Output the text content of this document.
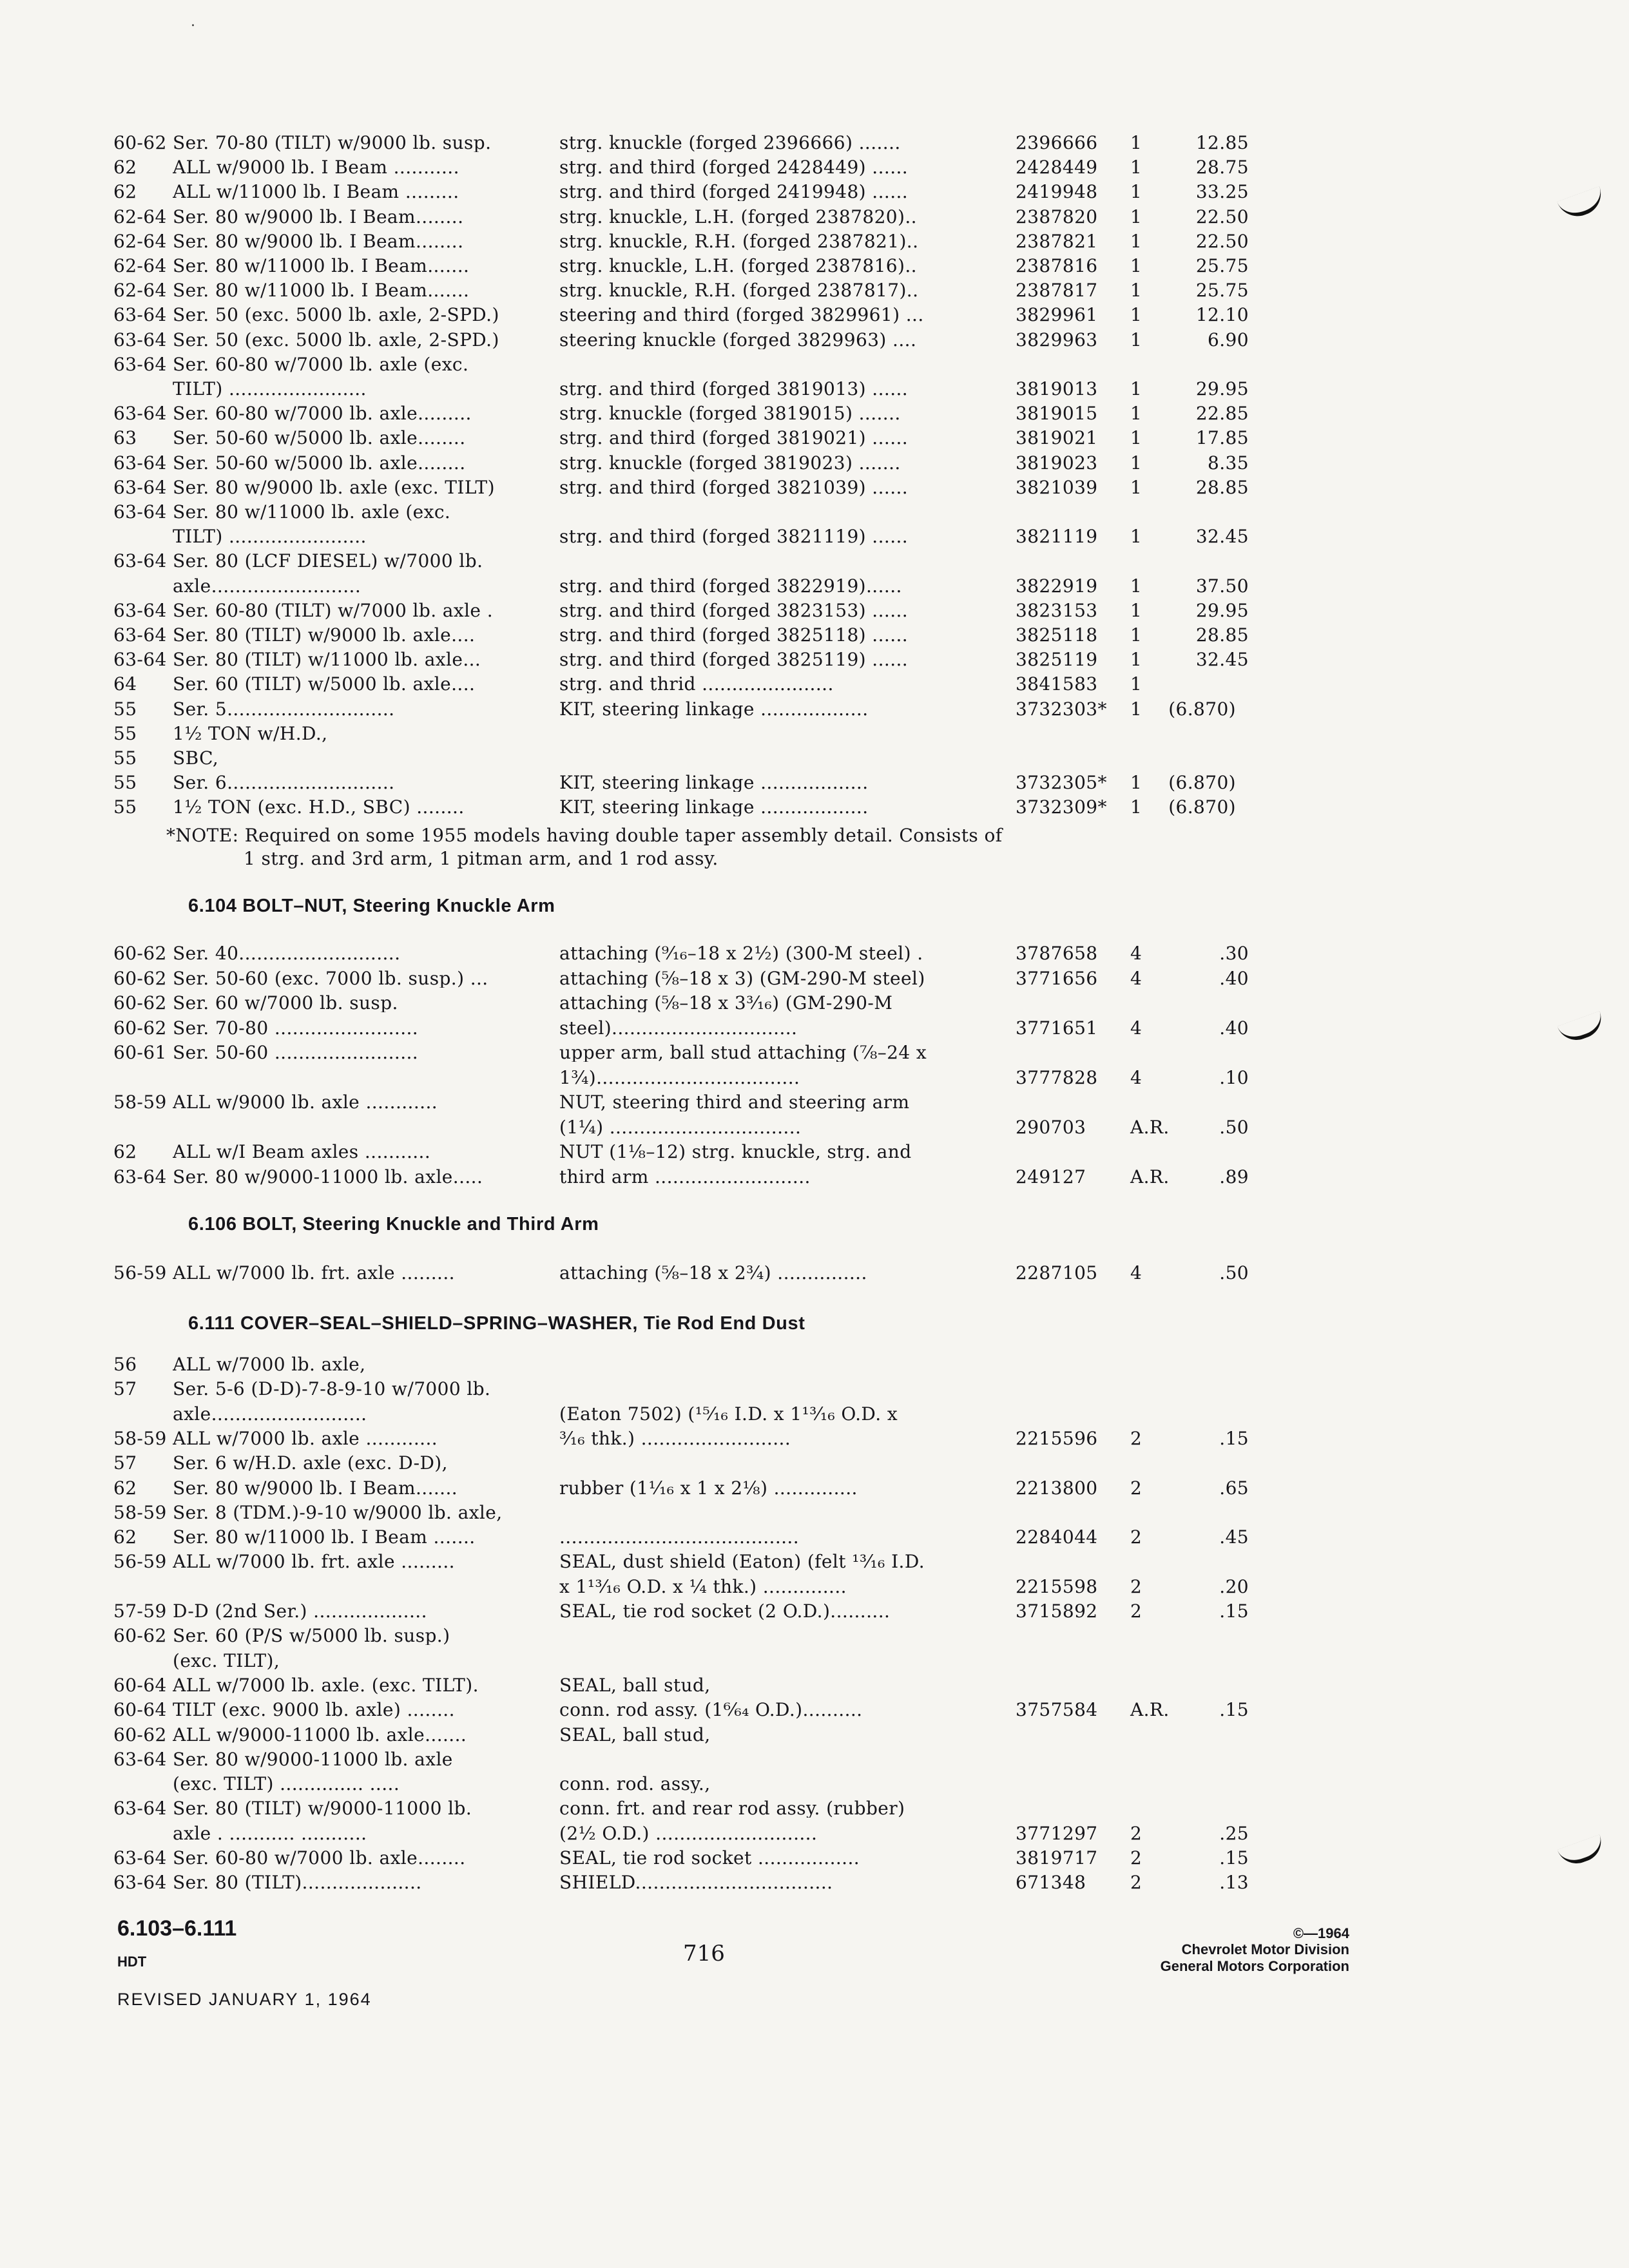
·
60-62 Ser. 70-80 (TILT) w/9000 lb. susp.	strg. knuckle (forged 2396666) .......	2396666 1	12.85
62 ALL w/9000 lb. I Beam ...........	strg. and third (forged 2428449) ......	2428449 1	28.75
62 ALL w/11000 lb. I Beam .........	strg. and third (forged 2419948) ......	2419948 1	33.25
62-64 Ser. 80 w/9000 lb. I Beam........	strg. knuckle, L.H. (forged 2387820)..	2387820 1	22.50
62-64 Ser. 80 w/9000 lb. I Beam........	strg. knuckle, R.H. (forged 2387821)..	2387821 1	22.50
62-64 Ser. 80 w/11000 lb. I Beam.......	strg. knuckle, L.H. (forged 2387816)..	2387816 1	25.75
62-64 Ser. 80 w/11000 lb. I Beam.......	strg. knuckle, R.H. (forged 2387817)..	2387817 1	25.75
63-64 Ser. 50 (exc. 5000 lb. axle, 2-SPD.)	steering and third (forged 3829961) ...	3829961 1	12.10
63-64 Ser. 50 (exc. 5000 lb. axle, 2-SPD.)	steering knuckle (forged 3829963) ....	3829963 1	6.90
63-64 Ser. 60-80 w/7000 lb. axle (exc.
TILT) .......................	strg. and third (forged 3819013) ......	3819013 1	29.95
63-64 Ser. 60-80 w/7000 lb. axle.........	strg. knuckle (forged 3819015) .......	3819015 1	22.85
63 Ser. 50-60 w/5000 lb. axle........	strg. and third (forged 3819021) ......	3819021 1	17.85
63-64 Ser. 50-60 w/5000 lb. axle........	strg. knuckle (forged 3819023) .......	3819023 1	8.35
63-64 Ser. 80 w/9000 lb. axle (exc. TILT)	strg. and third (forged 3821039) ......	3821039 1	28.85
63-64 Ser. 80 w/11000 lb. axle (exc.
TILT) .......................	strg. and third (forged 3821119) ......	3821119 1	32.45
63-64 Ser. 80 (LCF DIESEL) w/7000 lb.
axle.........................	strg. and third (forged 3822919)......	3822919 1	37.50
63-64 Ser. 60-80 (TILT) w/7000 lb. axle .	strg. and third (forged 3823153) ......	3823153 1	29.95
63-64 Ser. 80 (TILT) w/9000 lb. axle....	strg. and third (forged 3825118) ......	3825118 1	28.85
63-64 Ser. 80 (TILT) w/11000 lb. axle...	strg. and third (forged 3825119) ......	3825119 1	32.45
64 Ser. 60 (TILT) w/5000 lb. axle....	strg. and thrid ......................	3841583 1
55 Ser. 5............................	KIT, steering linkage ..................	3732303* 1 (6.870)
55 1½ TON w/H.D.,
55 SBC,
55 Ser. 6............................	KIT, steering linkage ..................	3732305* 1 (6.870)
55 1½ TON (exc. H.D., SBC) ........	KIT, steering linkage ..................	3732309* 1 (6.870)
*NOTE: Required on some 1955 models having double taper assembly detail. Consists of
1 strg. and 3rd arm, 1 pitman arm, and 1 rod assy.
6.104 BOLT–NUT, Steering Knuckle Arm
60-62 Ser. 40...........................	attaching (⁹⁄₁₆–18 x 2½) (300-M steel) .	3787658 4	.30
60-62 Ser. 50-60 (exc. 7000 lb. susp.) ...	attaching (⅝–18 x 3) (GM-290-M steel)	3771656 4	.40
60-62 Ser. 60 w/7000 lb. susp.	attaching (⅝–18 x 3³⁄₁₆) (GM-290-M
60-62 Ser. 70-80 ........................	steel)...............................	3771651 4	.40
60-61 Ser. 50-60 ........................	upper arm, ball stud attaching (⅞–24 x
1¾)..................................	3777828 4	.10
58-59 ALL w/9000 lb. axle ............	NUT, steering third and steering arm
(1¼) ................................	290703 A.R.	.50
62 ALL w/I Beam axles ...........	NUT (1⅛–12) strg. knuckle, strg. and
63-64 Ser. 80 w/9000-11000 lb. axle.....	third arm ..........................	249127 A.R.	.89
6.106 BOLT, Steering Knuckle and Third Arm
56-59 ALL w/7000 lb. frt. axle .........	attaching (⅝–18 x 2¾) ...............	2287105 4	.50
6.111 COVER–SEAL–SHIELD–SPRING–WASHER, Tie Rod End Dust
56 ALL w/7000 lb. axle,
57 Ser. 5-6 (D-D)-7-8-9-10 w/7000 lb.
axle..........................	(Eaton 7502) (¹⁵⁄₁₆ I.D. x 1¹³⁄₁₆ O.D. x
58-59 ALL w/7000 lb. axle ............	³⁄₁₆ thk.) .........................	2215596 2	.15
57 Ser. 6 w/H.D. axle (exc. D-D),
62 Ser. 80 w/9000 lb. I Beam.......	rubber (1¹⁄₁₆ x 1 x 2⅛) ..............	2213800 2	.65
58-59 Ser. 8 (TDM.)-9-10 w/9000 lb. axle,
62 Ser. 80 w/11000 lb. I Beam .......	........................................	2284044 2	.45
56-59 ALL w/7000 lb. frt. axle .........	SEAL, dust shield (Eaton) (felt ¹³⁄₁₆ I.D.
x 1¹³⁄₁₆ O.D. x ¼ thk.) ..............	2215598 2	.20
57-59 D-D (2nd Ser.) ...................	SEAL, tie rod socket (2 O.D.)..........	3715892 2	.15
60-62 Ser. 60 (P/S w/5000 lb. susp.)
(exc. TILT),
60-64 ALL w/7000 lb. axle. (exc. TILT).	SEAL, ball stud,
60-64 TILT (exc. 9000 lb. axle) ........	conn. rod assy. (1⁶⁄₆₄ O.D.)..........	3757584 A.R.	.15
60-62 ALL w/9000-11000 lb. axle.......	SEAL, ball stud,
63-64 Ser. 80 w/9000-11000 lb. axle
(exc. TILT) .............. .....	conn. rod. assy.,
63-64 Ser. 80 (TILT) w/9000-11000 lb.	conn. frt. and rear rod assy. (rubber)
axle . ........... ...........	(2½ O.D.) ...........................	3771297 2	.25
63-64 Ser. 60-80 w/7000 lb. axle........	SEAL, tie rod socket .................	3819717 2	.15
63-64 Ser. 80 (TILT)....................	SHIELD.................................	671348 2	.13
6.103–6.111
HDT	716
©—1964
Chevrolet Motor Division
General Motors Corporation
REVISED JANUARY 1, 1964
